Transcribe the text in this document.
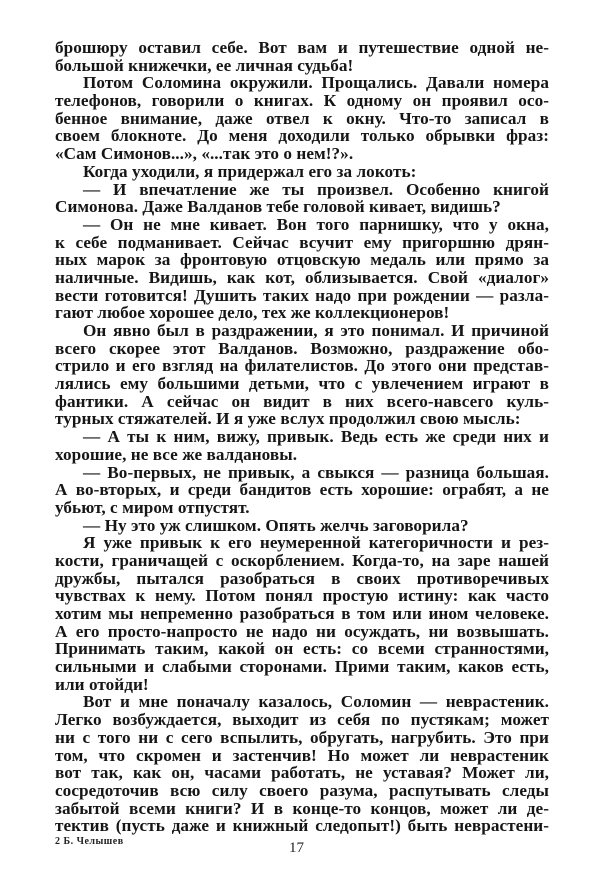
брошюру оставил себе. Вот вам и путешествие одной не-
большой книжечки, ее личная судьба!
Потом Соломина окружили. Прощались. Давали номера
телефонов, говорили о книгах. К одному он проявил осо-
бенное внимание, даже отвел к окну. Что-то записал в
своем блокноте. До меня доходили только обрывки фраз:
«Сам Симонов...», «...так это о нем!?».
Когда уходили, я придержал его за локоть:
— И впечатление же ты произвел. Особенно книгой
Симонова. Даже Валданов тебе головой кивает, видишь?
— Он не мне кивает. Вон того парнишку, что у окна,
к себе подманивает. Сейчас всучит ему пригоршню дрян-
ных марок за фронтовую отцовскую медаль или прямо за
наличные. Видишь, как кот, облизывается. Свой «диалог»
вести готовится! Душить таких надо при рождении — разла-
гают любое хорошее дело, тех же коллекционеров!
Он явно был в раздражении, я это понимал. И причиной
всего скорее этот Валданов. Возможно, раздражение обо-
стрило и его взгляд на филателистов. До этого они представ-
лялись ему большими детьми, что с увлечением играют в
фантики. А сейчас он видит в них всего-навсего куль-
турных стяжателей. И я уже вслух продолжил свою мысль:
— А ты к ним, вижу, привык. Ведь есть же среди них и
хорошие, не все же валдановы.
— Во-первых, не привык, а свыкся — разница большая.
А во-вторых, и среди бандитов есть хорошие: ограбят, а не
убьют, с миром отпустят.
— Ну это уж слишком. Опять желчь заговорила?
Я уже привык к его неумеренной категоричности и рез-
кости, граничащей с оскорблением. Когда-то, на заре нашей
дружбы, пытался разобраться в своих противоречивых
чувствах к нему. Потом понял простую истину: как часто
хотим мы непременно разобраться в том или ином человеке.
А его просто-напросто не надо ни осуждать, ни возвышать.
Принимать таким, какой он есть: со всеми странностями,
сильными и слабыми сторонами. Прими таким, каков есть,
или отойди!
Вот и мне поначалу казалось, Соломин — неврастеник.
Легко возбуждается, выходит из себя по пустякам; может
ни с того ни с сего вспылить, обругать, нагрубить. Это при
том, что скромен и застенчив! Но может ли неврастеник
вот так, как он, часами работать, не уставая? Может ли,
сосредоточив всю силу своего разума, распутывать следы
забытой всеми книги? И в конце-то концов, может ли де-
тектив (пусть даже и книжный следопыт!) быть неврастени-
2 Б. Челышев	17
